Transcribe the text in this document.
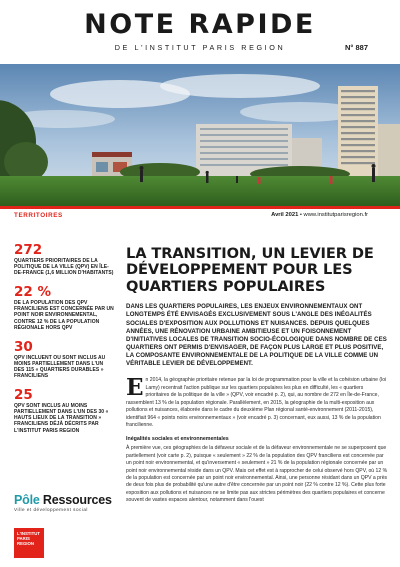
NOTE RAPIDE
DE L'INSTITUT PARIS REGION	N° 887
TERRITOIRES	Avril 2021 • www.institutparisregion.fr
272
QUARTIERS PRIORITAIRES DE LA POLITIQUE DE LA VILLE (QPV) EN ÎLE-DE-FRANCE (1,6 MILLION D'HABITANTS)
22 %
DE LA POPULATION DES QPV FRANCILIENS EST CONCERNÉE PAR UN POINT NOIR ENVIRONNEMENTAL, CONTRE 12 % DE LA POPULATION RÉGIONALE HORS QPV
30
QPV INCLUENT OU SONT INCLUS AU MOINS PARTIELLEMENT DANS L'UN DES 115 « QUARTIERS DURABLES » FRANCILIENS
25
QPV SONT INCLUS AU MOINS PARTIELLEMENT DANS L'UN DES 30 « HAUTS LIEUX DE LA TRANSITION » FRANCILIENS DÉJÀ DÉCRITS PAR L'INSTITUT PARIS REGION
Pôle Ressources
Ville et développement social
L'INSTITUT
PARIS
REGION
LA TRANSITION, UN LEVIER DE DÉVELOPPEMENT POUR LES QUARTIERS POPULAIRES

DANS LES QUARTIERS POPULAIRES, LES ENJEUX ENVIRONNEMENTAUX ONT LONGTEMPS ÉTÉ ENVISAGÉS EXCLUSIVEMENT SOUS L'ANGLE DES INÉGALITÉS SOCIALES D'EXPOSITION AUX POLLUTIONS ET NUISANCES. DEPUIS QUELQUES ANNÉES, UNE RÉNOVATION URBAINE AMBITIEUSE ET UN FOISONNEMENT D'INITIATIVES LOCALES DE TRANSITION SOCIO-ÉCOLOGIQUE DANS NOMBRE DE CES QUARTIERS ONT PERMIS D'ENVISAGER, DE FAÇON PLUS LARGE ET PLUS POSITIVE, LA COMPOSANTE ENVIRONNEMENTALE DE LA POLITIQUE DE LA VILLE COMME UN VÉRITABLE LEVIER DE DÉVELOPPEMENT.

En 2014, la géographie prioritaire retenue par la loi de programmation pour la ville et la cohésion urbaine (loi Lamy) recentrait l'action publique sur les quartiers populaires les plus en difficulté, les « quartiers prioritaires de la politique de la ville » (QPV, voir encadré p. 2), qui, au nombre de 272 en Île-de-France, rassemblent 13 % de la population régionale. Parallèlement, en 2015, la géographie de la multi-exposition aux pollutions et nuisances, élaborée dans le cadre du deuxième Plan régional santé-environnement (2011-2015), identifiait 964 « points noirs environnementaux » (voir encadré p. 3) concernant, eux aussi, 13 % de la population francilienne.

Inégalités sociales et environnementales

À première vue, ces géographies de la défaveur sociale et de la défaveur environnementale ne se superposent que partiellement (voir carte p. 2), puisque « seulement » 22 % de la population des QPV franciliens est concernée par un point noir environnemental, et qu'inversement « seulement » 21 % de la population régionale concernée par un point noir environnemental réside dans un QPV. Mais cet effet est à rapprocher de celui observé hors QPV, où 12 % de la population est concernée par un point noir environnemental. Ainsi, une personne résidant dans un QPV a près de deux fois plus de probabilité qu'une autre d'être concernée par un point noir (22 % contre 12 %). Cette plus forte exposition aux pollutions et nuisances ne se limite pas aux strictes périmètres des quartiers populaires et concerne souvent de vastes espaces alentour, notamment dans l'ouest
